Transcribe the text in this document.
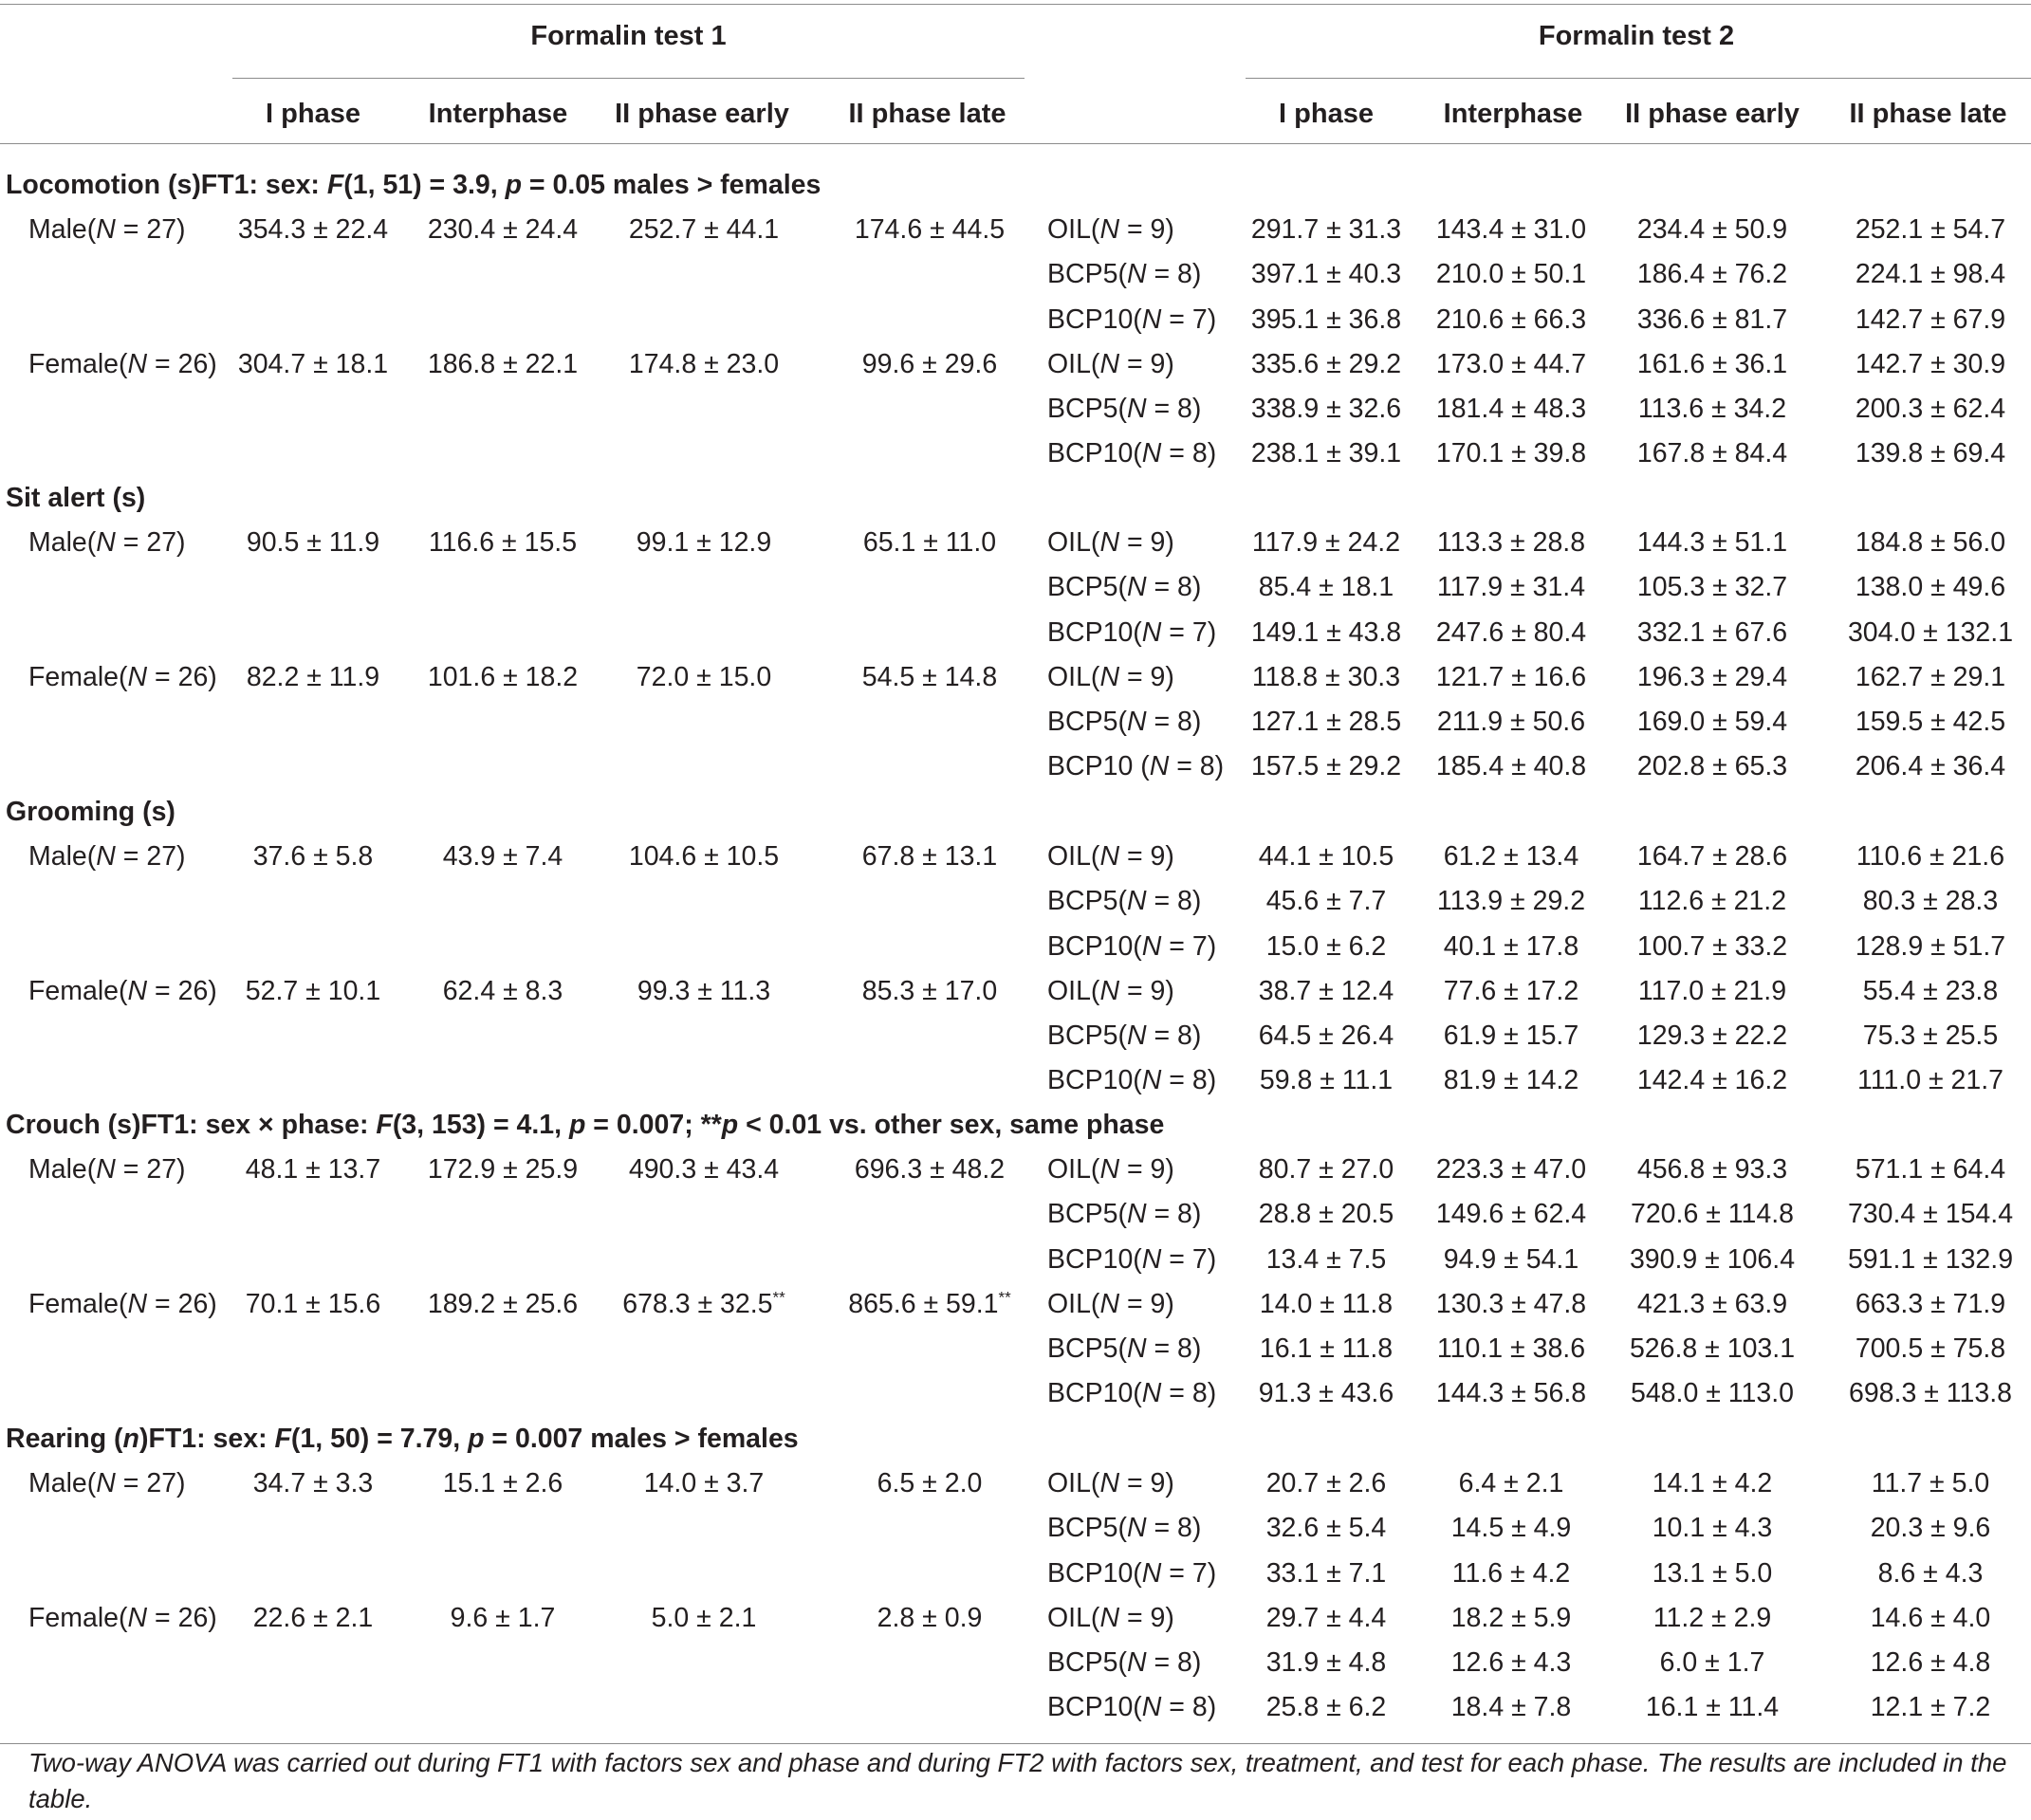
Formalin test 1	Formalin test 2
I phase	Interphase	II phase early	II phase late	I phase	Interphase	II phase early	II phase late
Locomotion (s)FT1: sex: F(1, 51) = 3.9, p = 0.05 males > females
Male(N = 27)	354.3 ± 22.4	230.4 ± 24.4	252.7 ± 44.1	174.6 ± 44.5	OIL(N = 9)	291.7 ± 31.3	143.4 ± 31.0	234.4 ± 50.9	252.1 ± 54.7
BCP5(N = 8)	397.1 ± 40.3	210.0 ± 50.1	186.4 ± 76.2	224.1 ± 98.4
BCP10(N = 7)	395.1 ± 36.8	210.6 ± 66.3	336.6 ± 81.7	142.7 ± 67.9
Female(N = 26) 304.7 ± 18.1	186.8 ± 22.1	174.8 ± 23.0	99.6 ± 29.6	OIL(N = 9)	335.6 ± 29.2	173.0 ± 44.7	161.6 ± 36.1	142.7 ± 30.9
BCP5(N = 8)	338.9 ± 32.6	181.4 ± 48.3	113.6 ± 34.2	200.3 ± 62.4
BCP10(N = 8)	238.1 ± 39.1	170.1 ± 39.8	167.8 ± 84.4	139.8 ± 69.4
Sit alert (s)
Male(N = 27)	90.5 ± 11.9	116.6 ± 15.5	99.1 ± 12.9	65.1 ± 11.0	OIL(N = 9)	117.9 ± 24.2	113.3 ± 28.8	144.3 ± 51.1	184.8 ± 56.0
BCP5(N = 8)	85.4 ± 18.1	117.9 ± 31.4	105.3 ± 32.7	138.0 ± 49.6
BCP10(N = 7)	149.1 ± 43.8	247.6 ± 80.4	332.1 ± 67.6	304.0 ± 132.1
Female(N = 26)	82.2 ± 11.9	101.6 ± 18.2	72.0 ± 15.0	54.5 ± 14.8	OIL(N = 9)	118.8 ± 30.3	121.7 ± 16.6	196.3 ± 29.4	162.7 ± 29.1
BCP5(N = 8)	127.1 ± 28.5	211.9 ± 50.6	169.0 ± 59.4	159.5 ± 42.5
BCP10 (N = 8)	157.5 ± 29.2	185.4 ± 40.8	202.8 ± 65.3	206.4 ± 36.4
Grooming (s)
Male(N = 27)	37.6 ± 5.8	43.9 ± 7.4	104.6 ± 10.5	67.8 ± 13.1	OIL(N = 9)	44.1 ± 10.5	61.2 ± 13.4	164.7 ± 28.6	110.6 ± 21.6
BCP5(N = 8)	45.6 ± 7.7	113.9 ± 29.2	112.6 ± 21.2	80.3 ± 28.3
BCP10(N = 7)	15.0 ± 6.2	40.1 ± 17.8	100.7 ± 33.2	128.9 ± 51.7
Female(N = 26)	52.7 ± 10.1	62.4 ± 8.3	99.3 ± 11.3	85.3 ± 17.0	OIL(N = 9)	38.7 ± 12.4	77.6 ± 17.2	117.0 ± 21.9	55.4 ± 23.8
BCP5(N = 8)	64.5 ± 26.4	61.9 ± 15.7	129.3 ± 22.2	75.3 ± 25.5
BCP10(N = 8)	59.8 ± 11.1	81.9 ± 14.2	142.4 ± 16.2	111.0 ± 21.7
Crouch (s)FT1: sex × phase: F(3, 153) = 4.1, p = 0.007; **p < 0.01 vs. other sex, same phase
Male(N = 27)	48.1 ± 13.7	172.9 ± 25.9	490.3 ± 43.4	696.3 ± 48.2	OIL(N = 9)	80.7 ± 27.0	223.3 ± 47.0	456.8 ± 93.3	571.1 ± 64.4
BCP5(N = 8)	28.8 ± 20.5	149.6 ± 62.4	720.6 ± 114.8	730.4 ± 154.4
BCP10(N = 7)	13.4 ± 7.5	94.9 ± 54.1	390.9 ± 106.4	591.1 ± 132.9
Female(N = 26)	70.1 ± 15.6	189.2 ± 25.6	678.3 ± 32.5**	865.6 ± 59.1**	OIL(N = 9)	14.0 ± 11.8	130.3 ± 47.8	421.3 ± 63.9	663.3 ± 71.9
BCP5(N = 8)	16.1 ± 11.8	110.1 ± 38.6	526.8 ± 103.1	700.5 ± 75.8
BCP10(N = 8)	91.3 ± 43.6	144.3 ± 56.8	548.0 ± 113.0	698.3 ± 113.8
Rearing (n)FT1: sex: F(1, 50) = 7.79, p = 0.007 males > females
Male(N = 27)	34.7 ± 3.3	15.1 ± 2.6	14.0 ± 3.7	6.5 ± 2.0	OIL(N = 9)	20.7 ± 2.6	6.4 ± 2.1	14.1 ± 4.2	11.7 ± 5.0
BCP5(N = 8)	32.6 ± 5.4	14.5 ± 4.9	10.1 ± 4.3	20.3 ± 9.6
BCP10(N = 7)	33.1 ± 7.1	11.6 ± 4.2	13.1 ± 5.0	8.6 ± 4.3
Female(N = 26)	22.6 ± 2.1	9.6 ± 1.7	5.0 ± 2.1	2.8 ± 0.9	OIL(N = 9)	29.7 ± 4.4	18.2 ± 5.9	11.2 ± 2.9	14.6 ± 4.0
BCP5(N = 8)	31.9 ± 4.8	12.6 ± 4.3	6.0 ± 1.7	12.6 ± 4.8
BCP10(N = 8)	25.8 ± 6.2	18.4 ± 7.8	16.1 ± 11.4	12.1 ± 7.2
Two-way ANOVA was carried out during FT1 with factors sex and phase and during FT2 with factors sex, treatment, and test for each phase. The results are included in the table.
